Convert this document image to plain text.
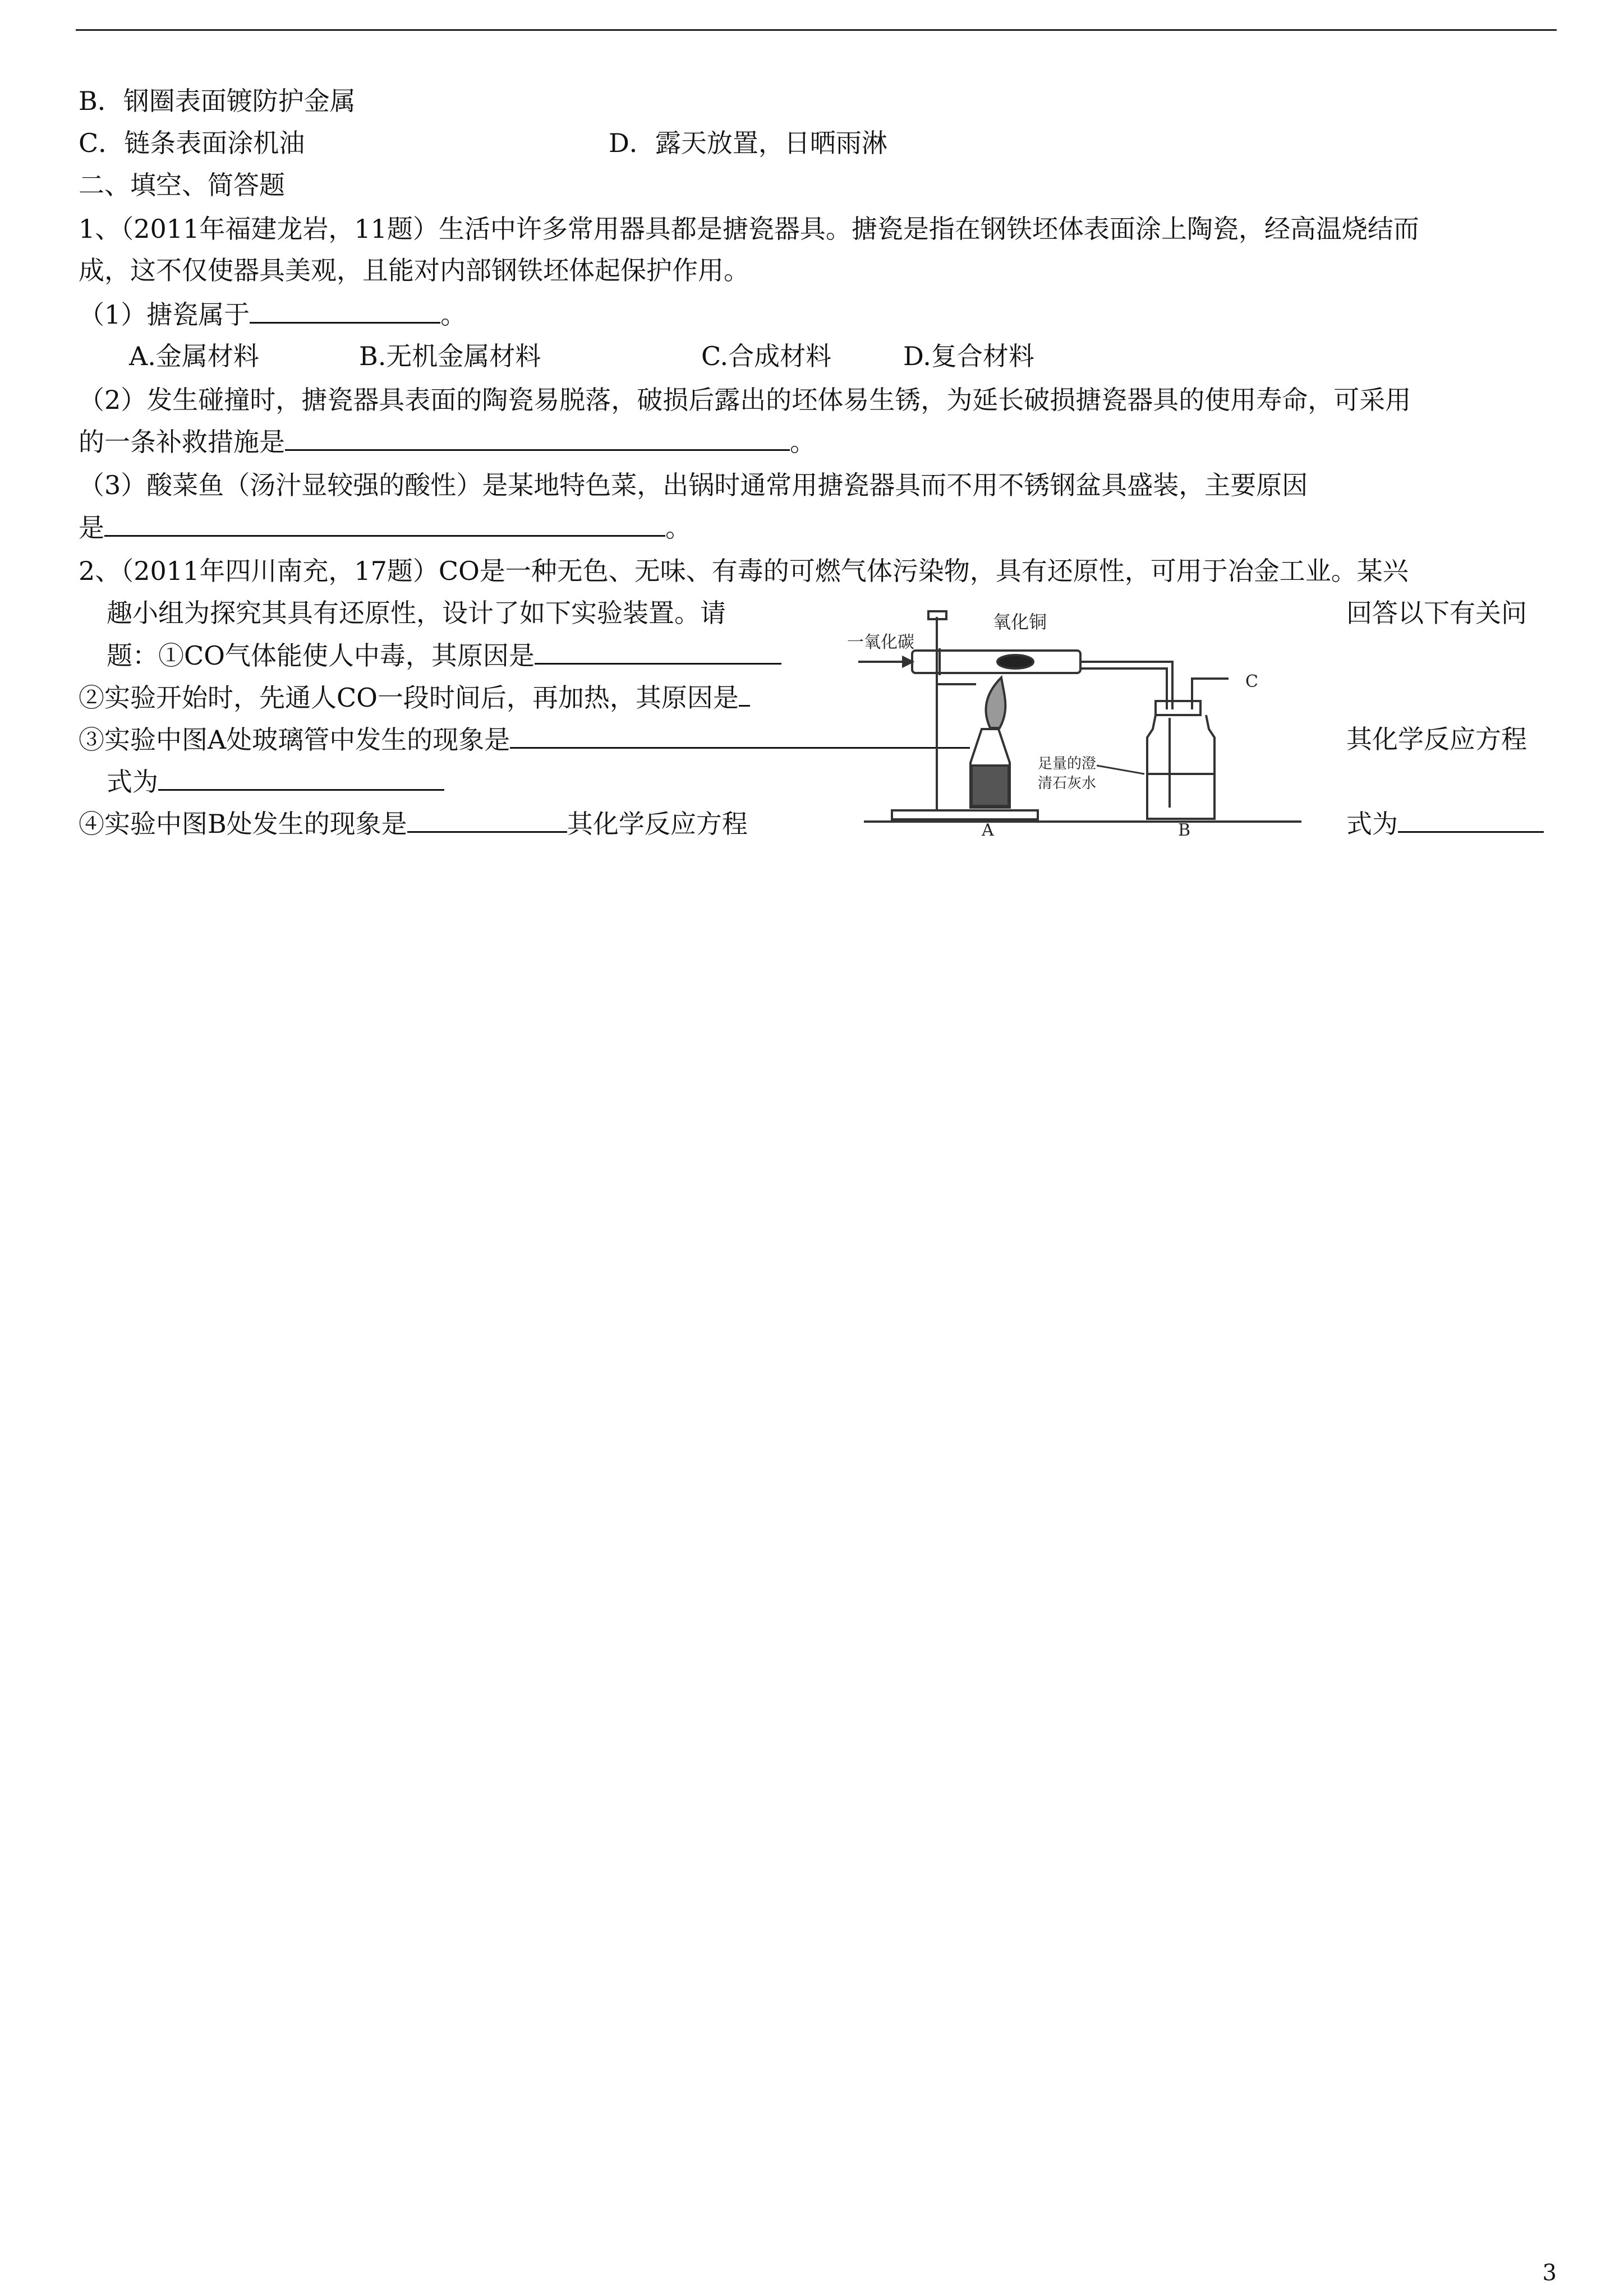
B．钢圈表面镀防护金属
C．链条表面涂机油	D．露天放置，日晒雨淋
二、填空、简答题
1、（2011年福建龙岩，11题）生活中许多常用器具都是搪瓷器具。搪瓷是指在钢铁坯体表面涂上陶瓷，经高温烧结而
成，这不仅使器具美观，且能对内部钢铁坯体起保护作用。
（1）搪瓷属于	。
A.金属材料	B.无机金属材料	C.合成材料	D.复合材料
（2）发生碰撞时，搪瓷器具表面的陶瓷易脱落，破损后露出的坯体易生锈，为延长破损搪瓷器具的使用寿命，可采用
的一条补救措施是	。
（3）酸菜鱼（汤汁显较强的酸性）是某地特色菜，出锅时通常用搪瓷器具而不用不锈钢盆具盛装，主要原因
是	。
2、（2011年四川南充，17题）CO是一种无色、无味、有毒的可燃气体污染物，具有还原性，可用于冶金工业。某兴
趣小组为探究其具有还原性，设计了如下实验装置。请	回答以下有关问
题：①CO气体能使人中毒，其原因是
②实验开始时，先通人CO一段时间后，再加热，其原因是
③实验中图A处玻璃管中发生的现象是	其化学反应方程
式为
④实验中图B处发生的现象是	其化学反应方程	式为
一氧化碳
氧化铜
C
足量的澄
清石灰水
A	B
3
